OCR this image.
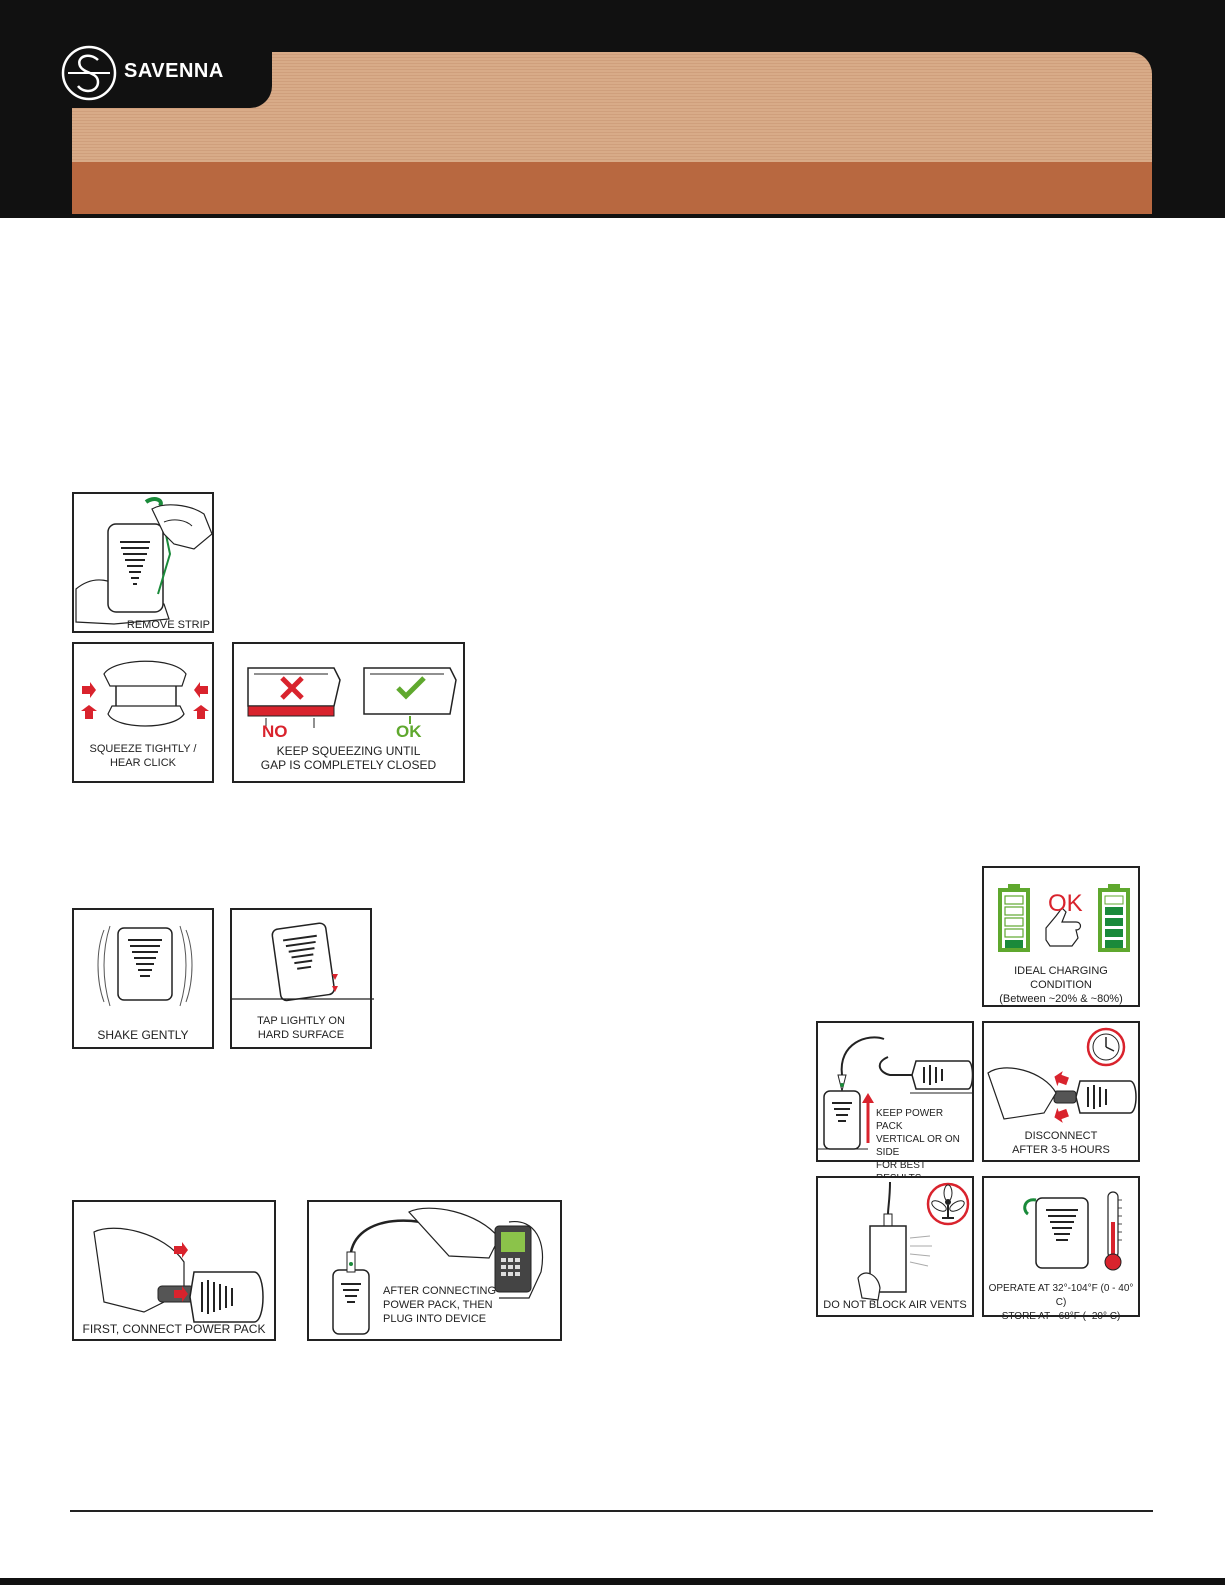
SAVENNA
REMOVE STRIP
SQUEEZE TIGHTLY /
HEAR CLICK
NO	OK
KEEP SQUEEZING UNTIL
GAP IS COMPLETELY CLOSED
SHAKE GENTLY
TAP LIGHTLY ON
HARD SURFACE
FIRST, CONNECT POWER PACK
AFTER CONNECTING
POWER PACK, THEN
PLUG INTO DEVICE
OK
IDEAL CHARGING CONDITION
(Between ~20% & ~80%)
KEEP POWER PACK
VERTICAL OR ON SIDE
FOR BEST
DISCONNECT
AFTER 3-5 HOURS
DO NOT BLOCK AIR VENTS
OPERATE AT 32°-104°F (0 - 40° C)
STORE AT ~68°F (~20° C)
